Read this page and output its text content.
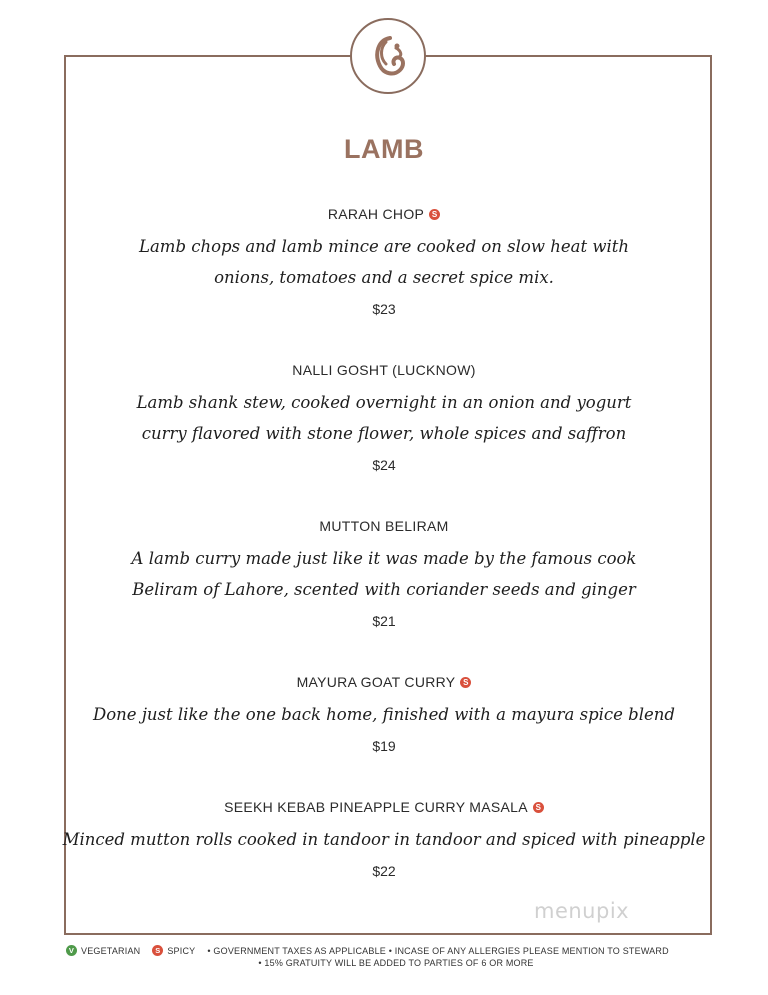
LAMB
RARAH CHOP S
Lamb chops and lamb mince are cooked on slow heat with
onions, tomatoes and a secret spice mix.
$23
NALLI GOSHT (LUCKNOW)
Lamb shank stew, cooked overnight in an onion and yogurt
curry flavored with stone flower, whole spices and saffron
$24
MUTTON BELIRAM
A lamb curry made just like it was made by the famous cook
Beliram of Lahore, scented with coriander seeds and ginger
$21
MAYURA GOAT CURRY S
Done just like the one back home, finished with a mayura spice blend
$19
SEEKH KEBAB PINEAPPLE CURRY MASALA S
Minced mutton rolls cooked in tandoor in tandoor and spiced with pineapple
$22
menupix
V VEGETARIAN	S SPICY • GOVERNMENT TAXES AS APPLICABLE • INCASE OF ANY ALLERGIES PLEASE MENTION TO STEWARD
• 15% GRATUITY WILL BE ADDED TO PARTIES OF 6 OR MORE
